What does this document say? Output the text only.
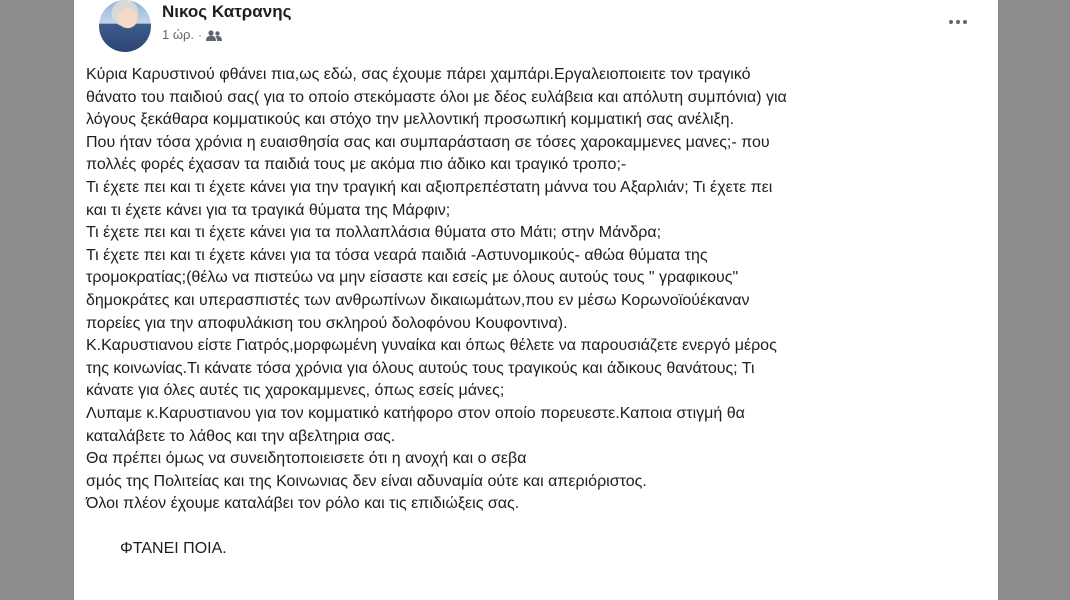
Νικος Κατρανης
1 ώρ. ·
Κύρια Καρυστινού φθάνει πια,ως εδώ, σας έχουμε πάρει χαμπάρι.Εργαλειοποιειτε τον τραγικό
θάνατο του παιδιού σας( για το οποίο στεκόμαστε όλοι με δέος ευλάβεια και απόλυτη συμπόνια) για
λόγους ξεκάθαρα κομματικούς και στόχο την μελλοντική προσωπική κομματική σας ανέλιξη.
Που ήταν τόσα χρόνια η ευαισθησία σας και συμπαράσταση σε τόσες χαροκαμμενες μανες;- που
πολλές φορές έχασαν τα παιδιά τους με ακόμα πιο άδικο και τραγικό τροπο;-
Τι έχετε πει και τι έχετε κάνει για την τραγική και αξιοπρεπέστατη μάννα του Αξαρλιάν; Τι έχετε πει
και τι έχετε κάνει για τα τραγικά θύματα της Μάρφιν;
Τι έχετε πει και τι έχετε κάνει για τα πολλαπλάσια θύματα στο Μάτι; στην Μάνδρα;
Τι έχετε πει και τι έχετε κάνει για τα τόσα νεαρά παιδιά -Αστυνομικούς- αθώα θύματα της
τρομοκρατίας;(θέλω να πιστεύω να μην είσαστε και εσείς με όλους αυτούς τους " γραφικους"
δημοκράτες και υπερασπιστές των ανθρωπίνων δικαιωμάτων,που εν μέσω Κορωνοϊούέκαναν
πορείες για την αποφυλάκιση του σκληρού δολοφόνου Κουφοντινα).
Κ.Καρυστιανου είστε Γιατρός,μορφωμένη γυναίκα και όπως θέλετε να παρουσιάζετε ενεργό μέρος
της κοινωνίας.Τι κάνατε τόσα χρόνια για όλους αυτούς τους τραγικούς και άδικους θανάτους; Τι
κάνατε για όλες αυτές τις χαροκαμμενες, όπως εσείς μάνες;
Λυπαμε κ.Καρυστιανου για τον κομματικό κατήφορο στον οποίο πορευεστε.Καποια στιγμή θα
καταλάβετε το λάθος και την αβελτηρια σας.
Θα πρέπει όμως να συνειδητοποιεισετε ότι η ανοχή και ο σεβα
σμός της Πολιτείας και της Κοινωνιας δεν είναι αδυναμία ούτε και απεριόριστος.
Όλοι πλέον έχουμε καταλάβει τον ρόλο και τις επιδιώξεις σας.
ΦΤΑΝΕΙ ΠΟΙΑ.
